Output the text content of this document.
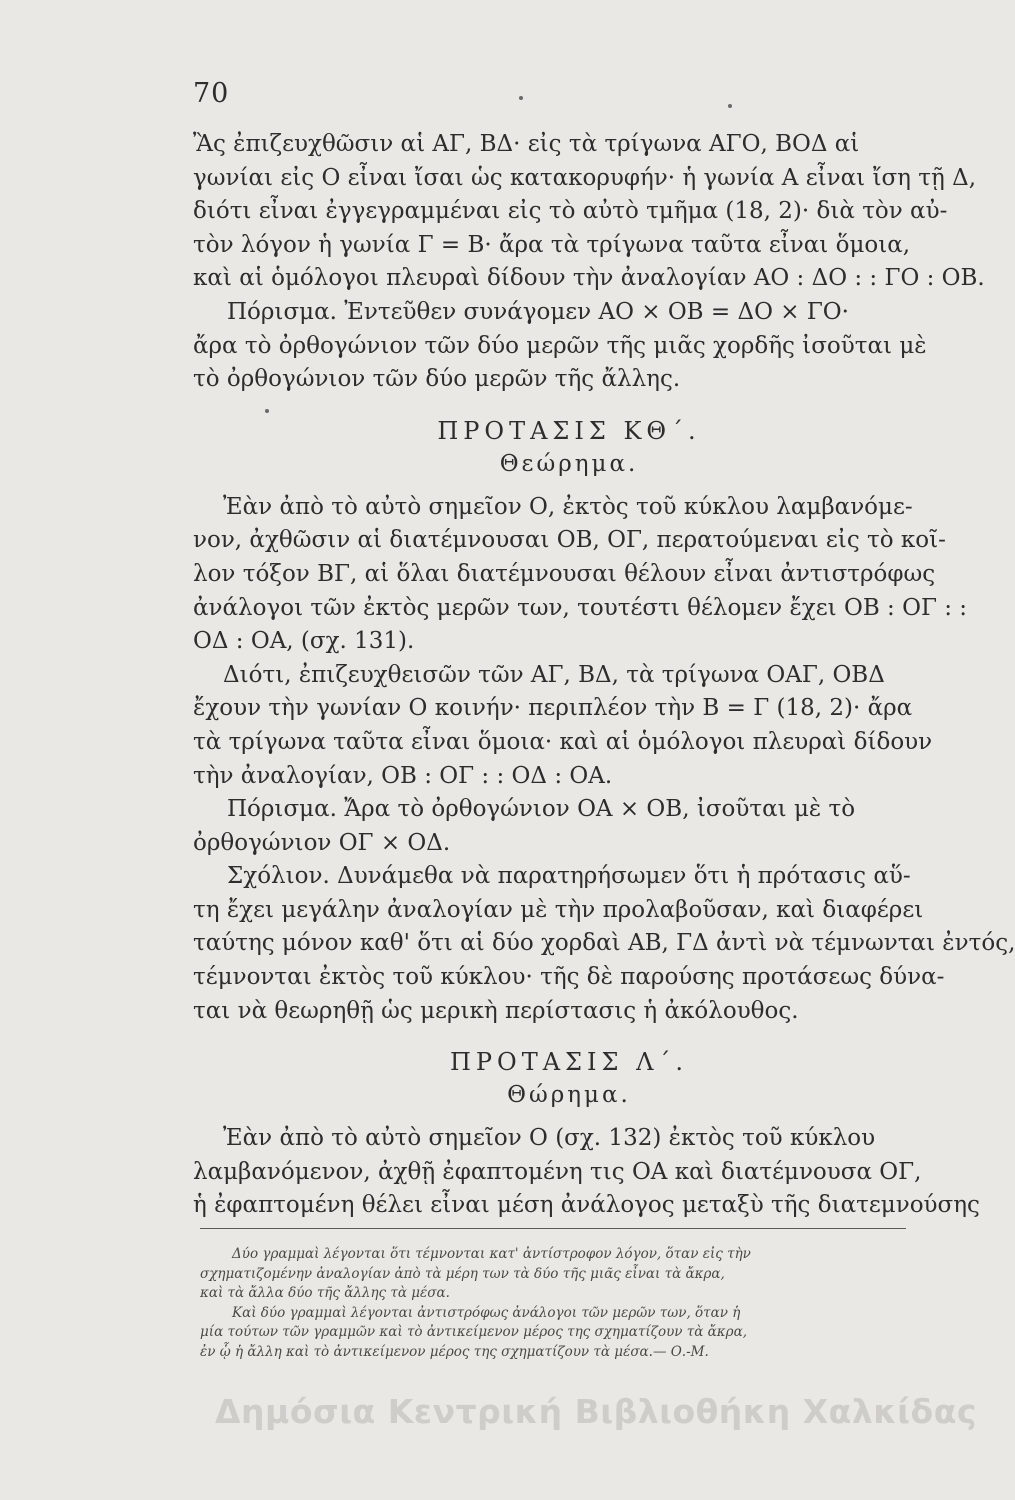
70

Ἂς ἐπιζευχθῶσιν αἱ ΑΓ, ΒΔ· εἰς τὰ τρίγωνα ΑΓΟ, ΒΟΔ αἱ
γωνίαι εἰς Ο εἶναι ἴσαι ὡς κατακορυφήν· ἡ γωνία Α εἶναι ἴση τῇ Δ,
διότι εἶναι ἐγγεγραμμέναι εἰς τὸ αὐτὸ τμῆμα (18, 2)· διὰ τὸν αὐ-
τὸν λόγον ἡ γωνία Γ = Β· ἄρα τὰ τρίγωνα ταῦτα εἶναι ὅμοια,
καὶ αἱ ὁμόλογοι πλευραὶ δίδουν τὴν ἀναλογίαν ΑΟ : ΔΟ : : ΓΟ : ΟΒ.

Πόρισμα. Ἐντεῦθεν συνάγομεν ΑΟ × ΟΒ = ΔΟ × ΓΟ·
ἄρα τὸ ὀρθογώνιον τῶν δύο μερῶν τῆς μιᾶς χορδῆς ἰσοῦται μὲ
τὸ ὀρθογώνιον τῶν δύο μερῶν τῆς ἄλλης.

ΠΡΟΤΑΣΙΣ ΚΘ΄.
Θεώρημα.

Ἐὰν ἀπὸ τὸ αὐτὸ σημεῖον Ο, ἐκτὸς τοῦ κύκλου λαμβανόμε-
νον, ἀχθῶσιν αἱ διατέμνουσαι ΟΒ, ΟΓ, περατούμεναι εἰς τὸ κοῖ-
λον τόξον ΒΓ, αἱ ὅλαι διατέμνουσαι θέλουν εἶναι ἀντιστρόφως
ἀνάλογοι τῶν ἐκτὸς μερῶν των, τουτέστι θέλομεν ἔχει ΟΒ : ΟΓ : :
ΟΔ : ΟΑ, (σχ. 131).

Διότι, ἐπιζευχθεισῶν τῶν ΑΓ, ΒΔ, τὰ τρίγωνα ΟΑΓ, ΟΒΔ
ἔχουν τὴν γωνίαν Ο κοινήν· περιπλέον τὴν Β = Γ (18, 2)· ἄρα
τὰ τρίγωνα ταῦτα εἶναι ὅμοια· καὶ αἱ ὁμόλογοι πλευραὶ δίδουν
τὴν ἀναλογίαν, ΟΒ : ΟΓ : : ΟΔ : ΟΑ.

Πόρισμα. Ἄρα τὸ ὀρθογώνιον ΟΑ × ΟΒ, ἰσοῦται μὲ τὸ
ὀρθογώνιον ΟΓ × ΟΔ.

Σχόλιον. Δυνάμεθα νὰ παρατηρήσωμεν ὅτι ἡ πρότασις αὕ-
τη ἔχει μεγάλην ἀναλογίαν μὲ τὴν προλαβοῦσαν, καὶ διαφέρει
ταύτης μόνον καθ' ὅτι αἱ δύο χορδαὶ ΑΒ, ΓΔ ἀντὶ νὰ τέμνωνται ἐντός,
τέμνονται ἐκτὸς τοῦ κύκλου· τῆς δὲ παρούσης προτάσεως δύνα-
ται νὰ θεωρηθῇ ὡς μερικὴ περίστασις ἡ ἀκόλουθος.

ΠΡΟΤΑΣΙΣ Λ΄.
Θώρημα.

Ἐὰν ἀπὸ τὸ αὐτὸ σημεῖον Ο (σχ. 132) ἐκτὸς τοῦ κύκλου
λαμβανόμενον, ἀχθῇ ἐφαπτομένη τις ΟΑ καὶ διατέμνουσα ΟΓ,
ἡ ἐφαπτομένη θέλει εἶναι μέση ἀνάλογος μεταξὺ τῆς διατεμνούσης

Δύο γραμμαὶ λέγονται ὅτι τέμνονται κατ' ἀντίστροφον λόγον, ὅταν εἰς τὴν
σχηματιζομένην ἀναλογίαν ἀπὸ τὰ μέρη των τὰ δύο τῆς μιᾶς εἶναι τὰ ἄκρα,
καὶ τὰ ἄλλα δύο τῆς ἄλλης τὰ μέσα.
Καὶ δύο γραμμαὶ λέγονται ἀντιστρόφως ἀνάλογοι τῶν μερῶν των, ὅταν ἡ
μία τούτων τῶν γραμμῶν καὶ τὸ ἀντικείμενον μέρος της σχηματίζουν τὰ ἄκρα,
ἐν ᾧ ἡ ἄλλη καὶ τὸ ἀντικείμενον μέρος της σχηματίζουν τὰ μέσα.— Ο.-Μ.
Δημόσια Κεντρική Βιβλιοθήκη Χαλκίδας
